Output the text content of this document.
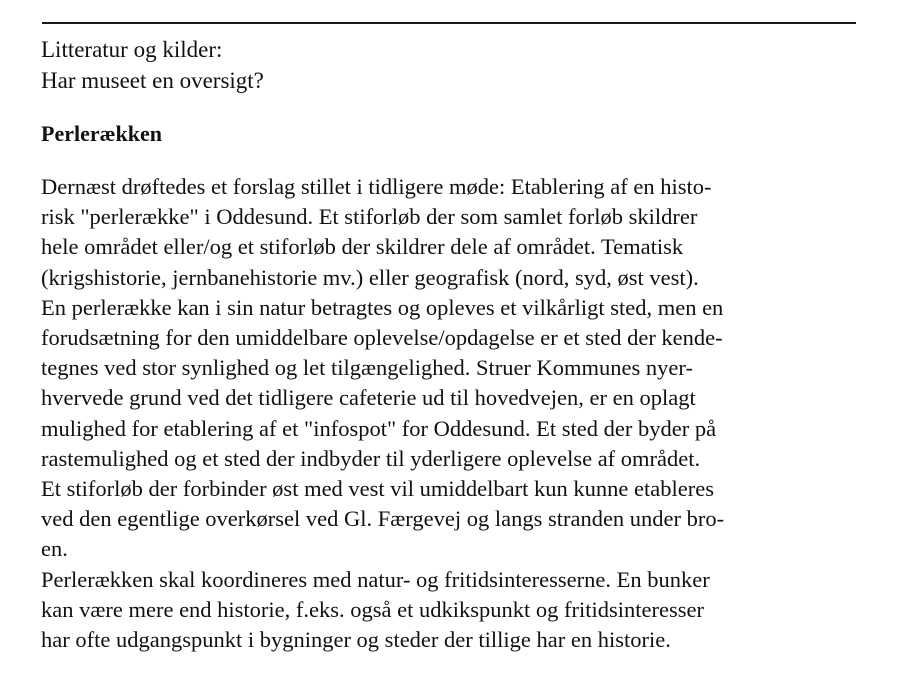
Litteratur og kilder:
Har museet en oversigt?
Perlerækken
Dernæst drøftedes et forslag stillet i tidligere møde: Etablering af en histo-
risk "perlerække" i Oddesund. Et stiforløb der som samlet forløb skildrer
hele området eller/og et stiforløb der skildrer dele af området. Tematisk
(krigshistorie, jernbanehistorie mv.) eller geografisk (nord, syd, øst vest).
En perlerække kan i sin natur betragtes og opleves et vilkårligt sted, men en
forudsætning for den umiddelbare oplevelse/opdagelse er et sted der kende-
tegnes ved stor synlighed og let tilgængelighed. Struer Kommunes nyer-
hvervede grund ved det tidligere cafeterie ud til hovedvejen, er en oplagt
mulighed for etablering af et "infospot" for Oddesund. Et sted der byder på
rastemulighed og et sted der indbyder til yderligere oplevelse af området.
Et stiforløb der forbinder øst med vest vil umiddelbart kun kunne etableres
ved den egentlige overkørsel ved Gl. Færgevej og langs stranden under bro-
en.
Perlerækken skal koordineres med natur- og fritidsinteresserne. En bunker
kan være mere end historie, f.eks. også et udkikspunkt og fritidsinteresser
har ofte udgangspunkt i bygninger og steder der tillige har en historie.
